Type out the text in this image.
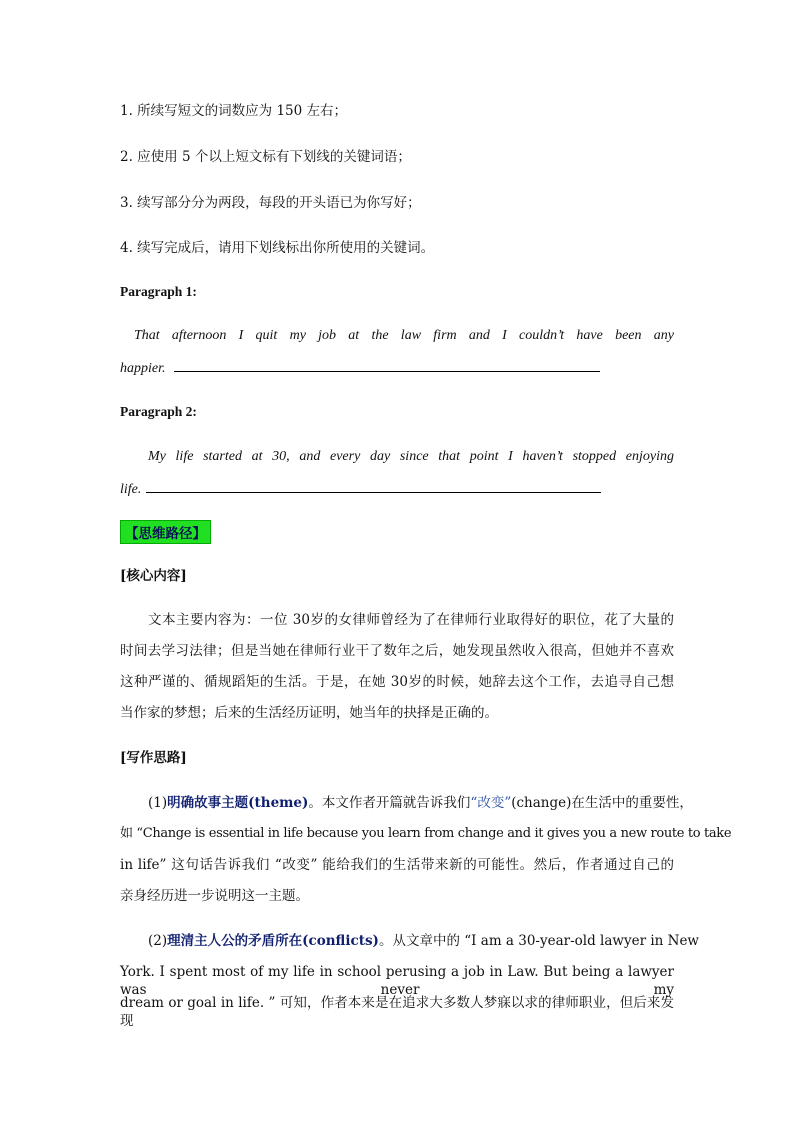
1. 所续写短文的词数应为 150 左右；
2. 应使用 5 个以上短文标有下划线的关键词语；
3. 续写部分分为两段，每段的开头语已为你写好；
4. 续写完成后，请用下划线标出你所使用的关键词。
Paragraph 1:
That afternoon I quit my job at the law firm and I couldn’t have been any
happier.
Paragraph 2:
My life started at 30, and every day since that point I haven’t stopped enjoying
life.
【思维路径】
[核心内容]
文本主要内容为：一位 30岁的女律师曾经为了在律师行业取得好的职位，花了大量的
时间去学习法律；但是当她在律师行业干了数年之后，她发现虽然收入很高，但她并不喜欢
这种严谨的、循规蹈矩的生活。于是，在她 30岁的时候，她辞去这个工作，去追寻自己想
当作家的梦想；后来的生活经历证明，她当年的抉择是正确的。
[写作思路]
(1)明确故事主题(theme)。本文作者开篇就告诉我们“改变”(change)在生活中的重要性，
如 “Change is essential in life because you learn from change and it gives you a new route to take
in life” 这句话告诉我们 “改变” 能给我们的生活带来新的可能性。然后，作者通过自己的
亲身经历进一步说明这一主题。
(2)理清主人公的矛盾所在(conflicts)。从文章中的 “I am a 30-year-old lawyer in New
York. I spent most of my life in school perusing a job in Law. But being a lawyer was never my
dream or goal in life. ” 可知，作者本来是在追求大多数人梦寐以求的律师职业，但后来发现
